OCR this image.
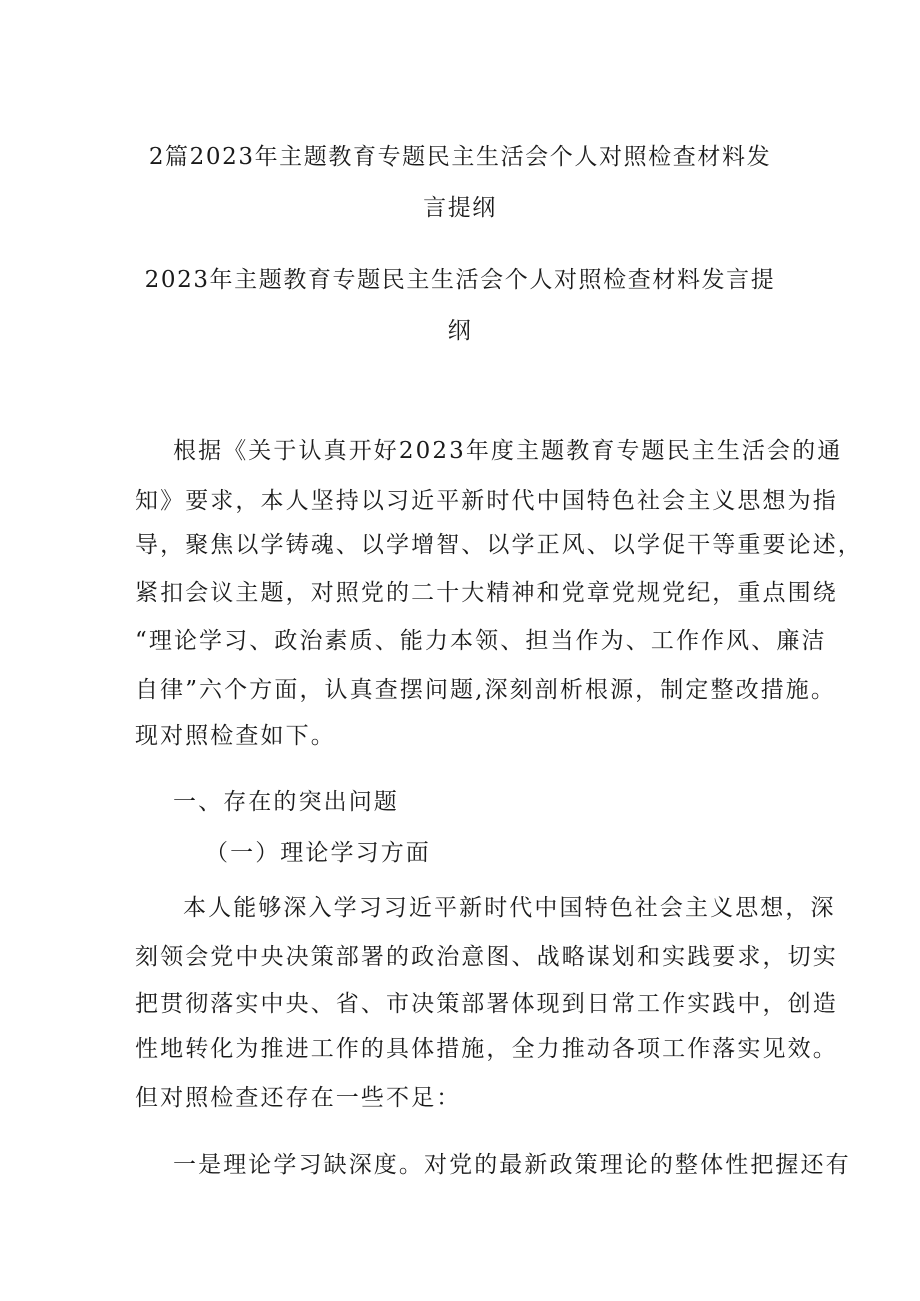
2篇2023年主题教育专题民主生活会个人对照检查材料发
言提纲
2023年主题教育专题民主生活会个人对照检查材料发言提
纲
根据《关于认真开好2023年度主题教育专题民主生活会的通
知》要求，本人坚持以习近平新时代中国特色社会主义思想为指
导，聚焦以学铸魂、以学增智、以学正风、以学促干等重要论述，
紧扣会议主题，对照党的二十大精神和党章党规党纪，重点围绕
“理论学习、政治素质、能力本领、担当作为、工作作风、廉洁
自律”六个方面，认真查摆问题,深刻剖析根源，制定整改措施。
现对照检查如下。
一、存在的突出问题
（一）理论学习方面
本人能够深入学习习近平新时代中国特色社会主义思想，深
刻领会党中央决策部署的政治意图、战略谋划和实践要求，切实
把贯彻落实中央、省、市决策部署体现到日常工作实践中，创造
性地转化为推进工作的具体措施，全力推动各项工作落实见效。
但对照检查还存在一些不足：
一是理论学习缺深度。对党的最新政策理论的整体性把握还有
